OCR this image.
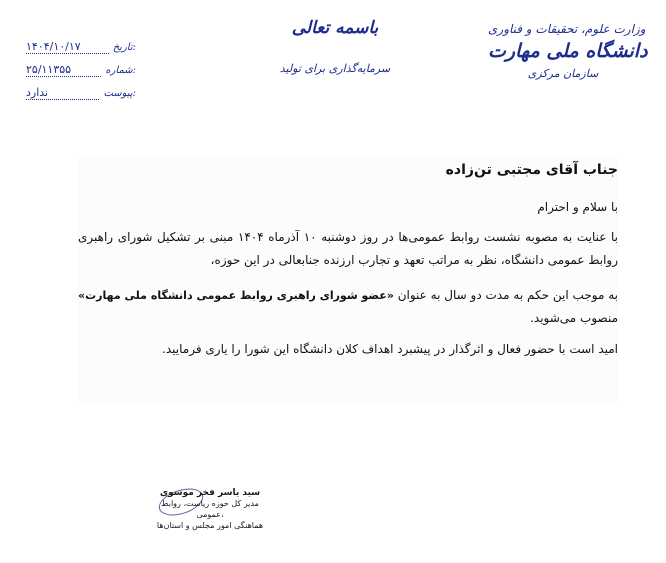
وزارت علوم، تحقیقات و فناوری
دانشگاه ملی مهارت
سازمان مرکزی
باسمه تعالی
سرمایه‌گذاری برای تولید
تاریخ:
۱۴۰۴/۱۰/۱۷
شماره:
۲۵/۱۱۳۵۵
پیوست:
ندارد
جناب آقای مجتبی تن‌زاده
با سلام و احترام
با عنایت به مصوبه نشست روابط عمومی‌ها در روز دوشنبه ۱۰ آذرماه ۱۴۰۴ مبنی بر تشکیل شورای راهبری روابط عمومی دانشگاه، نظر به مراتب تعهد و تجارب ارزنده جنابعالی در این حوزه،
به موجب این حکم به مدت دو سال به عنوان «عضو شورای راهبری روابط عمومی دانشگاه ملی مهارت» منصوب می‌شوید.
امید است با حضور فعال و اثرگذار در پیشبرد اهداف کلان دانشگاه این شورا را یاری فرمایید.
سید یاسر فخر موسوی
مدیر کل حوزه ریاست، روابط عمومی،
هماهنگی امور مجلس و استان‌ها
